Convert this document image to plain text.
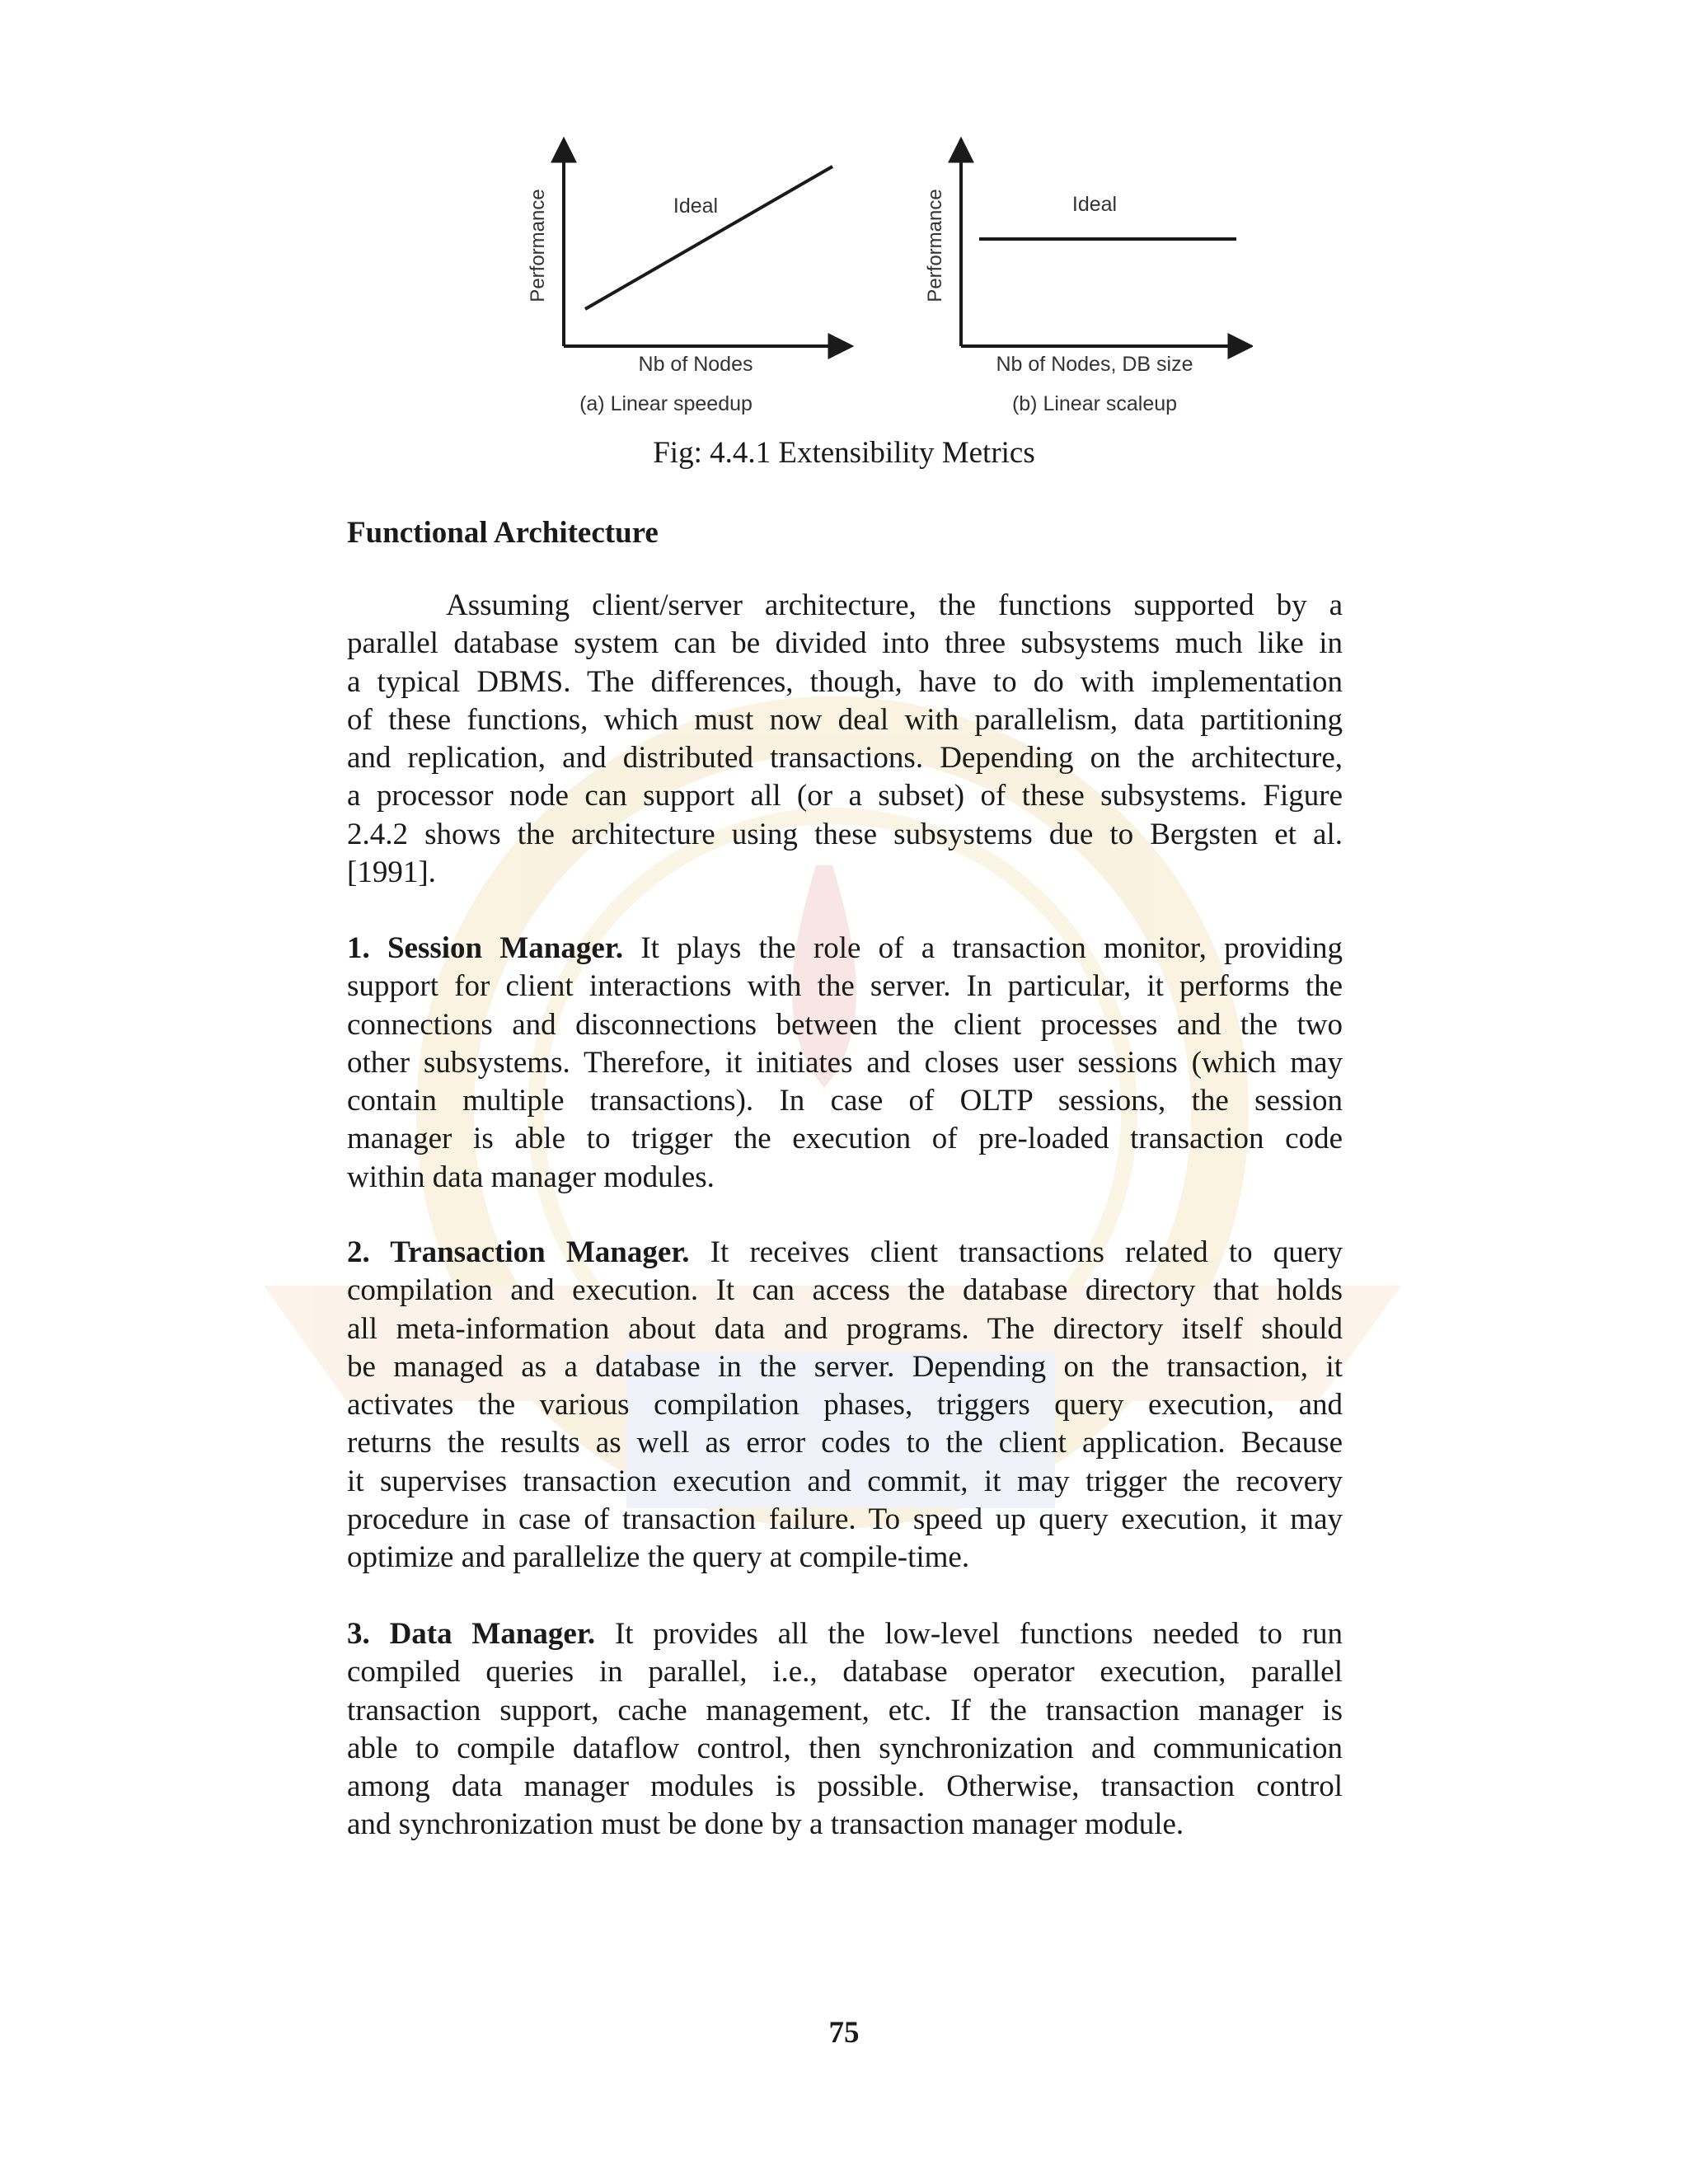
Performance	Ideal
Nb of Nodes
(a) Linear speedup
Performance	Ideal
Nb of Nodes, DB size
(b) Linear scaleup
Fig: 4.4.1 Extensibility Metrics
Functional Architecture
Assuming client/server architecture, the functions supported by a
parallel database system can be divided into three subsystems much like in
a typical DBMS. The differences, though, have to do with implementation
of these functions, which must now deal with parallelism, data partitioning
and replication, and distributed transactions. Depending on the architecture,
a processor node can support all (or a subset) of these subsystems. Figure
2.4.2 shows the architecture using these subsystems due to Bergsten et al.
[1991].
1. Session Manager. It plays the role of a transaction monitor, providing
support for client interactions with the server. In particular, it performs the
connections and disconnections between the client processes and the two
other subsystems. Therefore, it initiates and closes user sessions (which may
contain multiple transactions). In case of OLTP sessions, the session
manager is able to trigger the execution of pre-loaded transaction code
within data manager modules.
2. Transaction Manager. It receives client transactions related to query
compilation and execution. It can access the database directory that holds
all meta-information about data and programs. The directory itself should
be managed as a database in the server. Depending on the transaction, it
activates the various compilation phases, triggers query execution, and
returns the results as well as error codes to the client application. Because
it supervises transaction execution and commit, it may trigger the recovery
procedure in case of transaction failure. To speed up query execution, it may
optimize and parallelize the query at compile-time.
3. Data Manager. It provides all the low-level functions needed to run
compiled queries in parallel, i.e., database operator execution, parallel
transaction support, cache management, etc. If the transaction manager is
able to compile dataflow control, then synchronization and communication
among data manager modules is possible. Otherwise, transaction control
and synchronization must be done by a transaction manager module.
75
